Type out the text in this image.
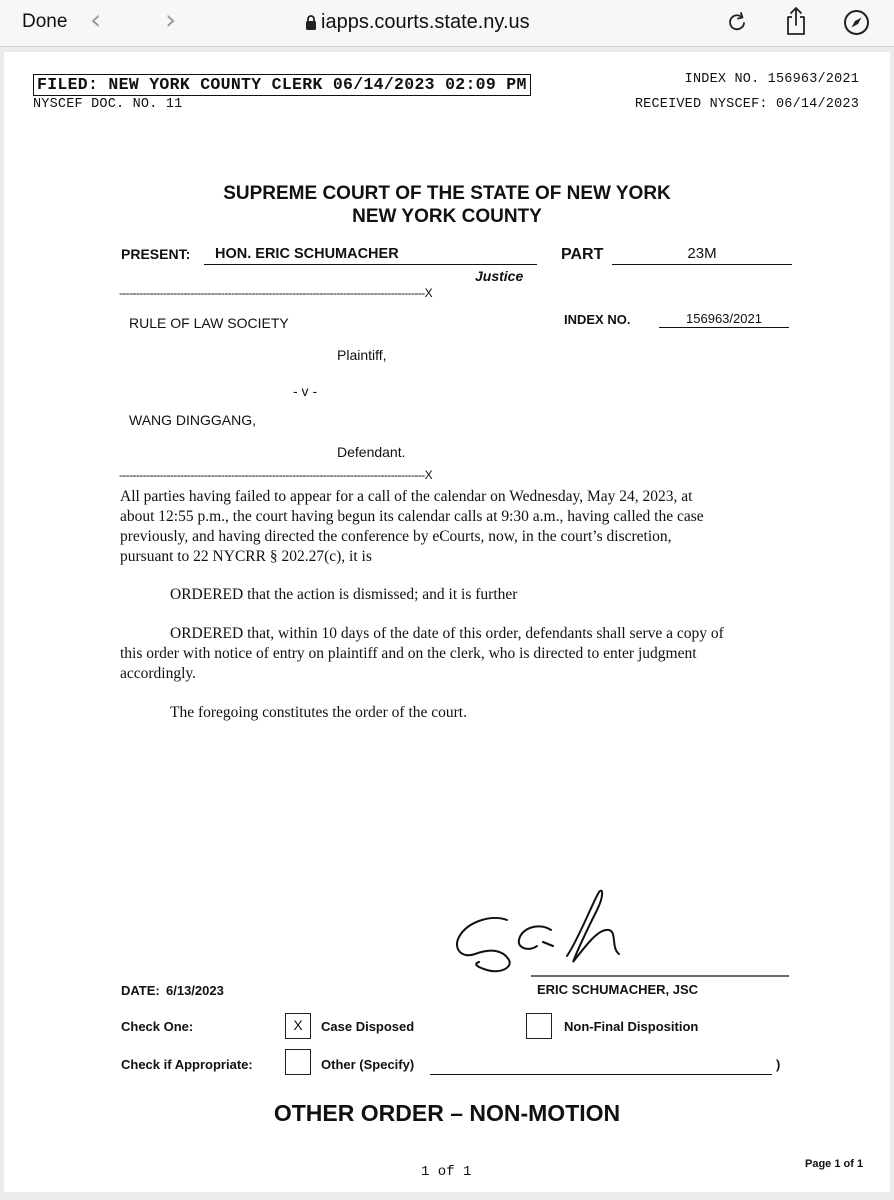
Done ‹ ›	iapps.courts.state.ny.us
FILED: NEW YORK COUNTY CLERK 06/14/2023 02:09 PM	INDEX NO. 156963/2021
NYSCEF DOC. NO. 11	RECEIVED NYSCEF: 06/14/2023
SUPREME COURT OF THE STATE OF NEW YORK
NEW YORK COUNTY
PRESENT:	HON. ERIC SCHUMACHER
Justice
PART	23M
------------------------------------------------------------------------------------------X
RULE OF LAW SOCIETY	INDEX NO.	156963/2021
Plaintiff,
- v -
WANG DINGGANG,
Defendant.
------------------------------------------------------------------------------------------X
All parties having failed to appear for a call of the calendar on Wednesday, May 24, 2023, at
about 12:55 p.m., the court having begun its calendar calls at 9:30 a.m., having called the case
previously, and having directed the conference by eCourts, now, in the court’s discretion,
pursuant to 22 NYCRR § 202.27(c), it is
ORDERED that the action is dismissed; and it is further
ORDERED that, within 10 days of the date of this order, defendants shall serve a copy of
this order with notice of entry on plaintiff and on the clerk, who is directed to enter judgment
accordingly.
The foregoing constitutes the order of the court.
ERIC SCHUMACHER, JSC
DATE: 6/13/2023
Check One:	X	Case Disposed	Non-Final Disposition
Check if Appropriate:	Other (Specify)	)
OTHER ORDER – NON-MOTION
1 of 1	Page 1 of 1
